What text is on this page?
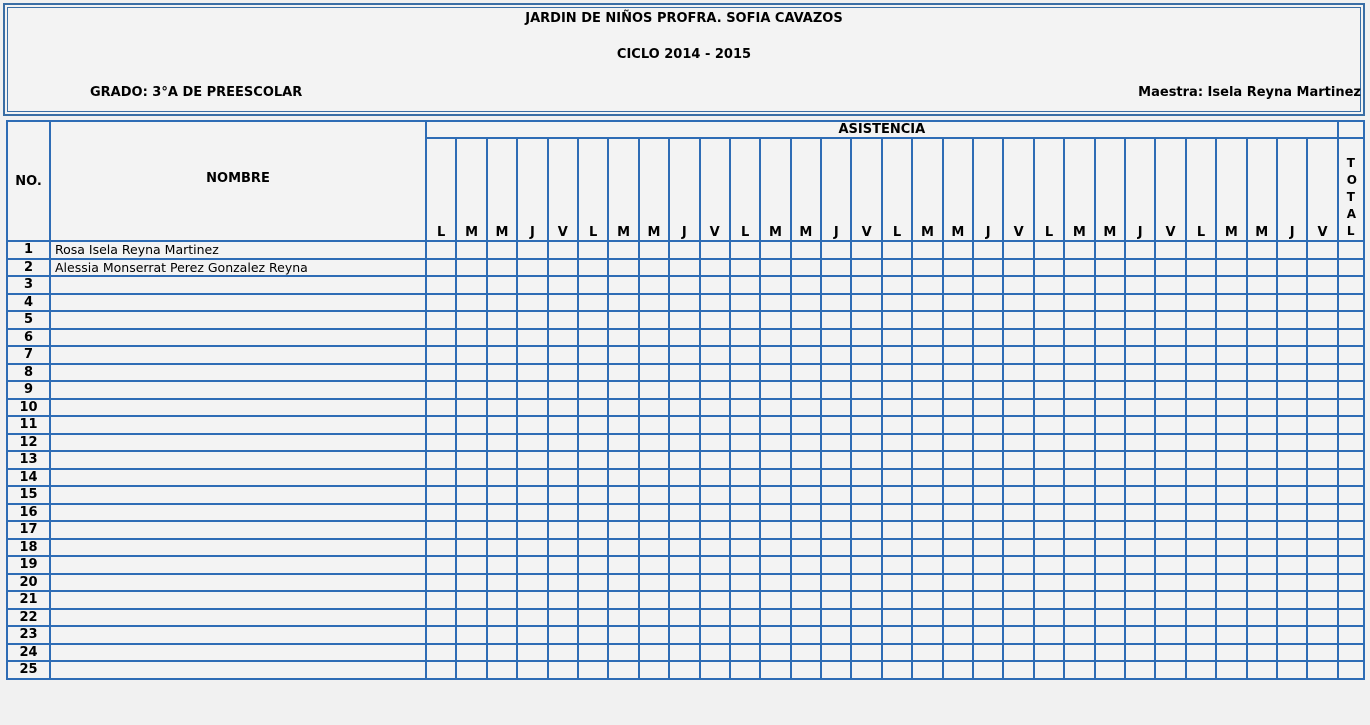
JARDIN DE NIÑOS PROFRA. SOFIA CAVAZOS
CICLO 2014 - 2015
GRADO: 3°A DE PREESCOLAR	Maestra: Isela Reyna Martinez
NO.	NOMBRE	ASISTENCIA																														
		L	M	M	J	V	L	M	M	J	V	L	M	M	J	V	L	M	M	J	V	L	M	M	J	V	L	M	M	J	V	TOTAL
1	Rosa Isela Reyna Martinez																															
2	Alessia Monserrat Perez Gonzalez Reyna																															
3																																
4																																
5																																
6																																
7																																
8																																
9																																
10																																
11																																
12																																
13																																
14																																
15																																
16																																
17																																
18																																
19																																
20																																
21																																
22																																
23																																
24																																
25																																
